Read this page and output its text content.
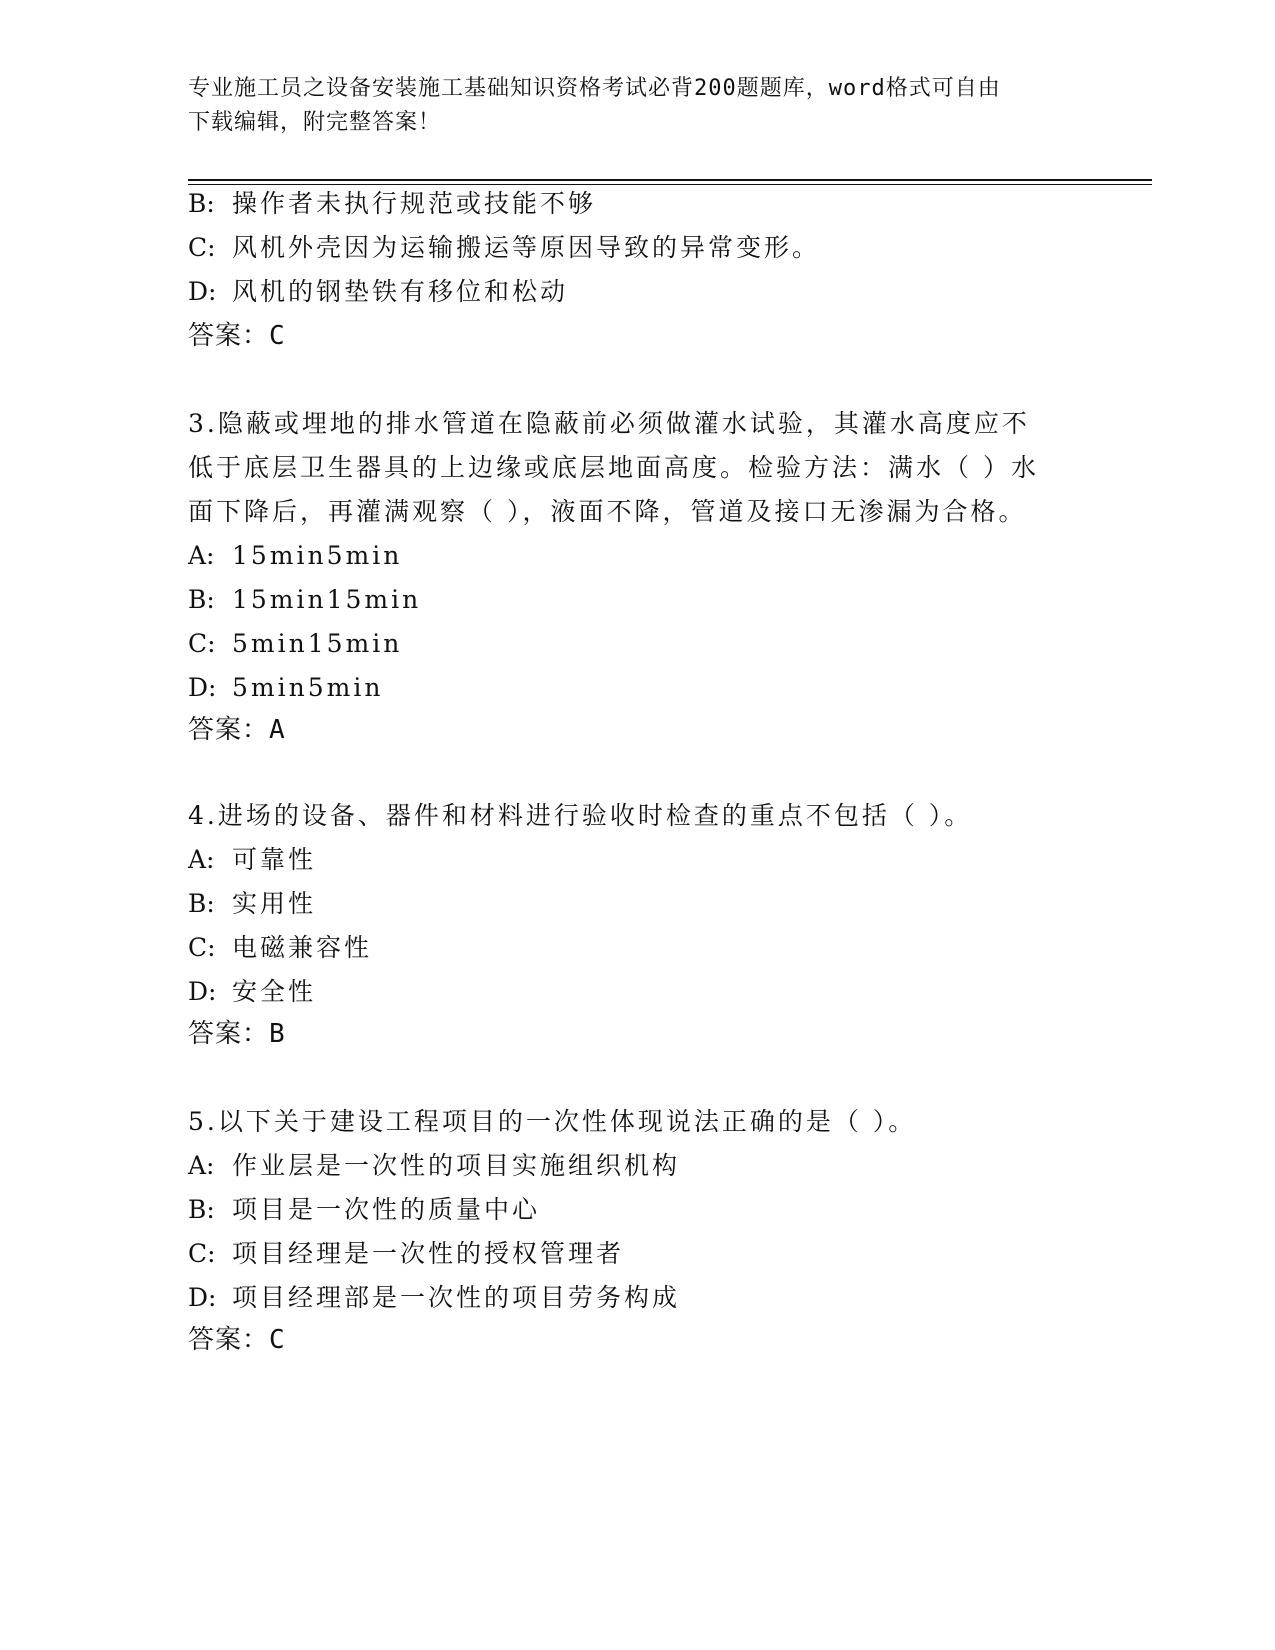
专业施工员之设备安装施工基础知识资格考试必背200题题库，word格式可自由
下载编辑，附完整答案！
B: 操作者未执行规范或技能不够
C: 风机外壳因为运输搬运等原因导致的异常变形。
D: 风机的钢垫铁有移位和松动
答案：C
3.隐蔽或埋地的排水管道在隐蔽前必须做灌水试验，其灌水高度应不
低于底层卫生器具的上边缘或底层地面高度。检验方法：满水（ ）水
面下降后，再灌满观察（ ），液面不降，管道及接口无渗漏为合格。
A: 15min5min
B: 15min15min
C: 5min15min
D: 5min5min
答案：A
4.进场的设备、器件和材料进行验收时检查的重点不包括（ ）。
A: 可靠性
B: 实用性
C: 电磁兼容性
D: 安全性
答案：B
5.以下关于建设工程项目的一次性体现说法正确的是（ ）。
A: 作业层是一次性的项目实施组织机构
B: 项目是一次性的质量中心
C: 项目经理是一次性的授权管理者
D: 项目经理部是一次性的项目劳务构成
答案：C
